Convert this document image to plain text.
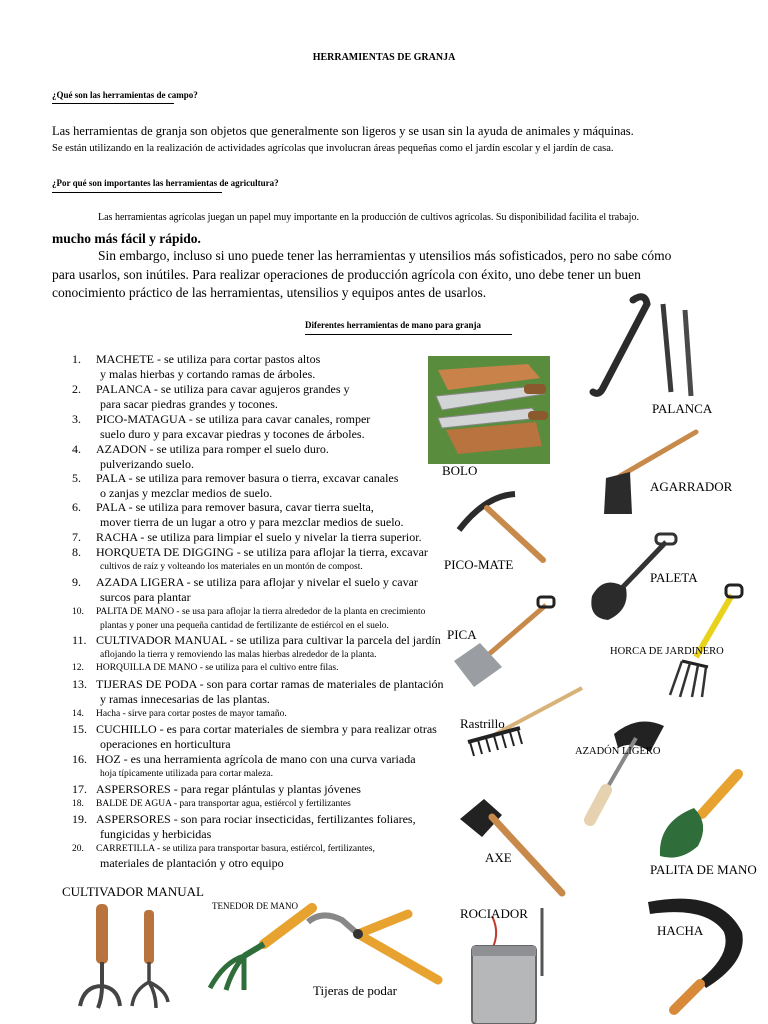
HERRAMIENTAS DE GRANJA
¿Qué son las herramientas de campo?
Las herramientas de granja son objetos que generalmente son ligeros y se usan sin la ayuda de animales y máquinas.
Se están utilizando en la realización de actividades agrícolas que involucran áreas pequeñas como el jardín escolar y el jardín de casa.
¿Por qué son importantes las herramientas de agricultura?
Las herramientas agrícolas juegan un papel muy importante en la producción de cultivos agrícolas. Su disponibilidad facilita el trabajo.
mucho más fácil y rápido.
Sin embargo, incluso si uno puede tener las herramientas y utensilios más sofisticados, pero no sabe cómo
para usarlos, son inútiles. Para realizar operaciones de producción agrícola con éxito, uno debe tener un buen
conocimiento práctico de las herramientas, utensilios y equipos antes de usarlos.
Diferentes herramientas de mano para granja
1. MACHETE - se utiliza para cortar pastos altos
y malas hierbas y cortando ramas de árboles.
2. PALANCA - se utiliza para cavar agujeros grandes y
para sacar piedras grandes y tocones.
3. PICO-MATAGUA - se utiliza para cavar canales, romper
suelo duro y para excavar piedras y tocones de árboles.
4. AZADON - se utiliza para romper el suelo duro.
pulverizando suelo.
5. PALA - se utiliza para remover basura o tierra, excavar canales
o zanjas y mezclar medios de suelo.
6. PALA - se utiliza para remover basura, cavar tierra suelta,
mover tierra de un lugar a otro y para mezclar medios de suelo.
7. RACHA - se utiliza para limpiar el suelo y nivelar la tierra superior.
8. HORQUETA DE DIGGING - se utiliza para aflojar la tierra, excavar
cultivos de raíz y volteando los materiales en un montón de compost.
9. AZADA LIGERA - se utiliza para aflojar y nivelar el suelo y cavar
surcos para plantar
10. PALITA DE MANO - se usa para aflojar la tierra alrededor de la planta en crecimiento
plantas y poner una pequeña cantidad de fertilizante de estiércol en el suelo.
11. CULTIVADOR MANUAL - se utiliza para cultivar la parcela del jardín
aflojando la tierra y removiendo las malas hierbas alrededor de la planta.
12. HORQUILLA DE MANO - se utiliza para el cultivo entre filas.
13. TIJERAS DE PODA - son para cortar ramas de materiales de plantación
y ramas innecesarias de las plantas.
14. Hacha - sirve para cortar postes de mayor tamaño.
15. CUCHILLO - es para cortar materiales de siembra y para realizar otras
operaciones en horticultura
16. HOZ - es una herramienta agrícola de mano con una curva variada
hoja típicamente utilizada para cortar maleza.
17. ASPERSORES - para regar plántulas y plantas jóvenes
18. BALDE DE AGUA - para transportar agua, estiércol y fertilizantes
19. ASPERSORES - son para rociar insecticidas, fertilizantes foliares,
fungicidas y herbicidas
20. CARRETILLA - se utiliza para transportar basura, estiércol, fertilizantes,
materiales de plantación y otro equipo
PALANCA
BOLO
AGARRADOR
PICO-MATE
PALETA
PICA
HORCA DE JARDINERO
Rastrillo
AZADÓN LIGERO
AXE
PALITA DE MANO
CULTIVADOR MANUAL
TENEDOR DE MANO	ROCIADOR
HACHA
Tijeras de podar
